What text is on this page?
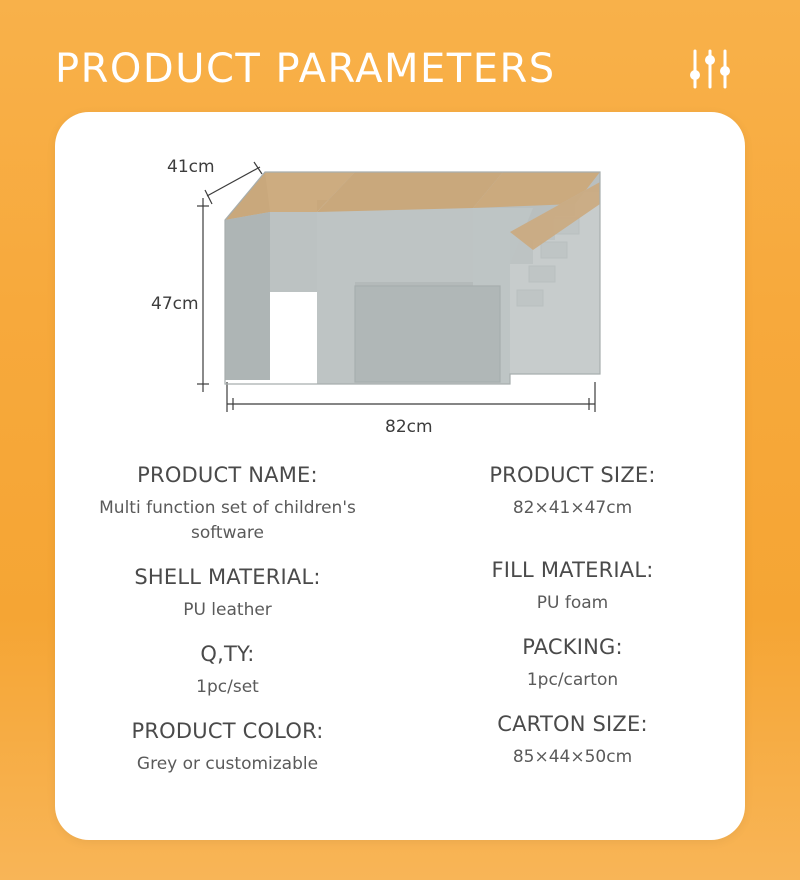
PRODUCT PARAMETERS
41cm
47cm
82cm
PRODUCT NAME:
Multi function set of children's software
SHELL MATERIAL:
PU leather
Q,TY:
1pc/set
PRODUCT COLOR:
Grey or customizable
PRODUCT SIZE:
82×41×47cm
FILL MATERIAL:
PU foam
PACKING:
1pc/carton
CARTON SIZE:
85×44×50cm
